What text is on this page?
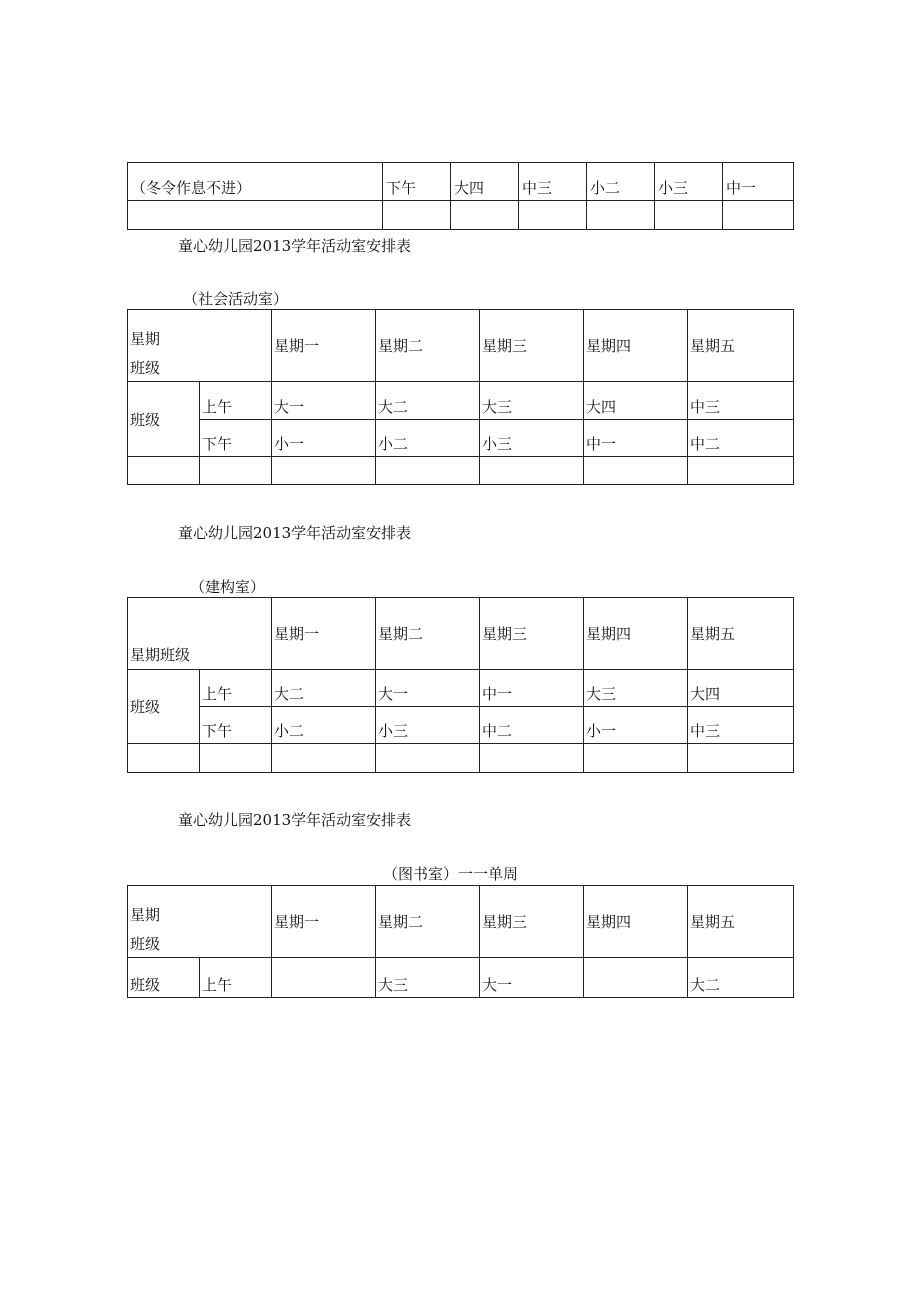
（冬令作息不进）	下午	大四	中三	小二	小三	中一

童心幼儿园2013学年活动室安排表
（社会活动室）
星期
班级		星期一	星期二	星期三	星期四	星期五
班级	上午	大一	大二	大三	大四	中三
	下午	小一	小二	小三	中一	中二

童心幼儿园2013学年活动室安排表
（建构室）
星期班级		星期一	星期二	星期三	星期四	星期五
班级	上午	大二	大一	中一	大三	大四
	下午	小二	小三	中二	小一	中三

童心幼儿园2013学年活动室安排表
（图书室）一一单周
星期
班级		星期一	星期二	星期三	星期四	星期五
班级	上午		大三	大一		大二
